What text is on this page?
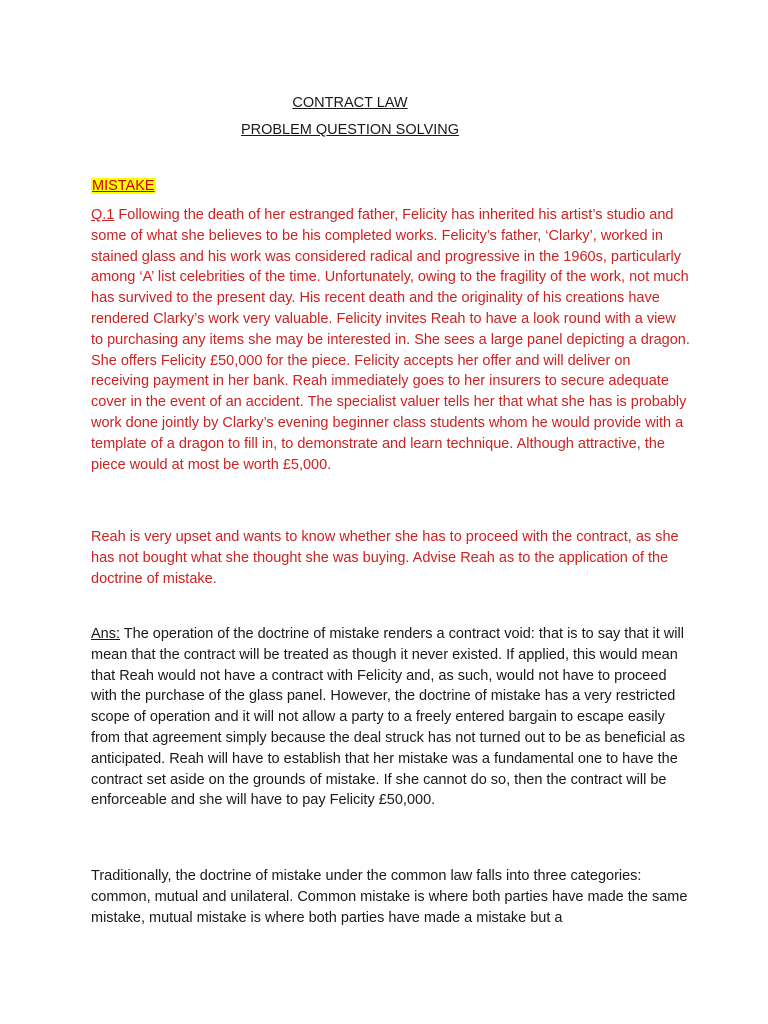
CONTRACT LAW
PROBLEM QUESTION SOLVING
MISTAKE

Q.1 Following the death of her estranged father, Felicity has inherited his artist’s studio and some of what she believes to be his completed works. Felicity’s father, ‘Clarky’, worked in stained glass and his work was considered radical and progressive in the 1960s, particularly among ‘A’ list celebrities of the time. Unfortunately, owing to the fragility of the work, not much has survived to the present day. His recent death and the originality of his creations have rendered Clarky’s work very valuable. Felicity invites Reah to have a look round with a view to purchasing any items she may be interested in. She sees a large panel depicting a dragon. She offers Felicity £50,000 for the piece. Felicity accepts her offer and will deliver on receiving payment in her bank. Reah immediately goes to her insurers to secure adequate cover in the event of an accident. The specialist valuer tells her that what she has is probably work done jointly by Clarky’s evening beginner class students whom he would provide with a template of a dragon to fill in, to demonstrate and learn technique. Although attractive, the piece would at most be worth £5,000.

Reah is very upset and wants to know whether she has to proceed with the contract, as she has not bought what she thought she was buying. Advise Reah as to the application of the doctrine of mistake.

Ans: The operation of the doctrine of mistake renders a contract void: that is to say that it will mean that the contract will be treated as though it never existed. If applied, this would mean that Reah would not have a contract with Felicity and, as such, would not have to proceed with the purchase of the glass panel. However, the doctrine of mistake has a very restricted scope of operation and it will not allow a party to a freely entered bargain to escape easily from that agreement simply because the deal struck has not turned out to be as beneficial as anticipated. Reah will have to establish that her mistake was a fundamental one to have the contract set aside on the grounds of mistake. If she cannot do so, then the contract will be enforceable and she will have to pay Felicity £50,000.

Traditionally, the doctrine of mistake under the common law falls into three categories: common, mutual and unilateral. Common mistake is where both parties have made the same mistake, mutual mistake is where both parties have made a mistake but a
